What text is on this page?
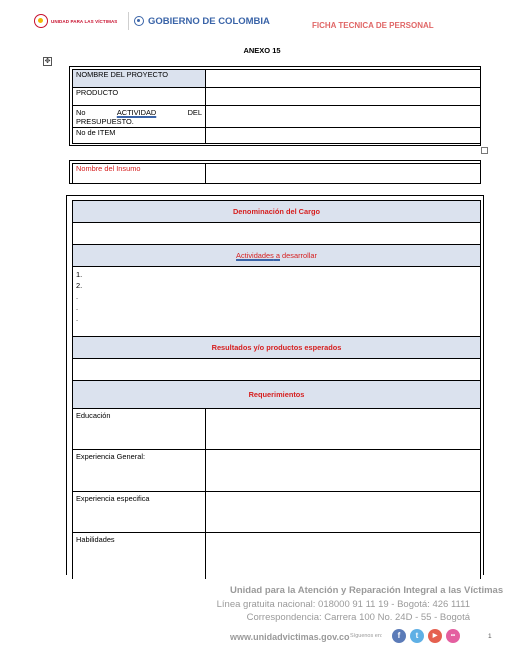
UNIDAD PARA LAS VÍCTIMAS	GOBIERNO DE COLOMBIA	FICHA TECNICA DE PERSONAL
ANEXO 15
✥
NOMBRE DEL PROYECTO	
PRODUCTO	

No ACTIVIDAD DEL
PRESUPUESTO.	

No de ITEM	
Nombre del Insumo	
Denominación del Cargo	

Actividades a desarrollar	

1.
2.
.
.
.	

Resultados y/o productos esperados	

Requerimientos	
Educación	
Experiencia General:	
Experiencia especifica	
Habilidades	
Unidad para la Atención y Reparación Integral a las Víctimas
Línea gratuita nacional: 018000 91 11 19 - Bogotá: 426 1111
Correspondencia: Carrera 100 No. 24D - 55 - Bogotá
www.unidadvictimas.gov.co Síguenos en:	f	t	▶	••	1
